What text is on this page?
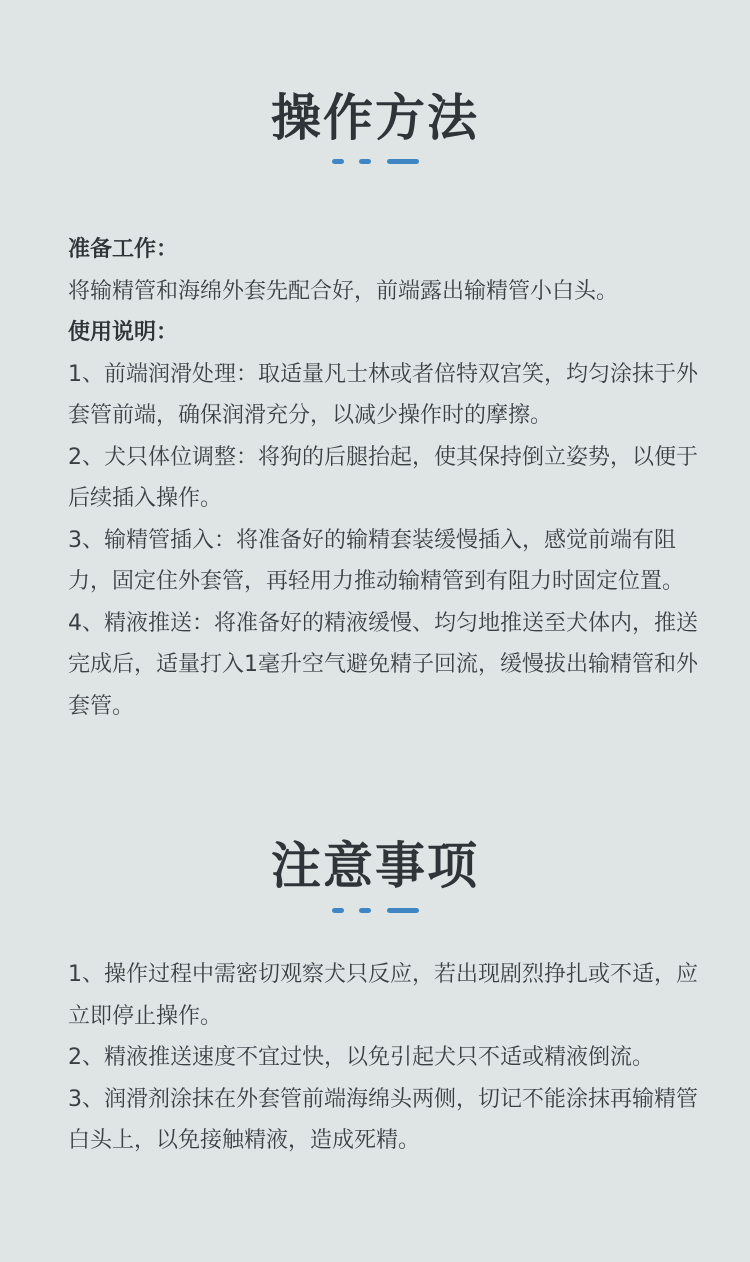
操作方法

准备工作：

将输精管和海绵外套先配合好，前端露出输精管小白头。

使用说明：

1、前端润滑处理：取适量凡士林或者倍特双宫笑，均匀涂抹于外套管前端，确保润滑充分，以减少操作时的摩擦。

2、犬只体位调整：将狗的后腿抬起，使其保持倒立姿势，以便于后续插入操作。

3、输精管插入：将准备好的输精套装缓慢插入，感觉前端有阻力，固定住外套管，再轻用力推动输精管到有阻力时固定位置。

4、精液推送：将准备好的精液缓慢、均匀地推送至犬体内，推送完成后，适量打入1毫升空气避免精子回流，缓慢拔出输精管和外套管。

注意事项

1、操作过程中需密切观察犬只反应，若出现剧烈挣扎或不适，应立即停止操作。

2、精液推送速度不宜过快，以免引起犬只不适或精液倒流。

3、润滑剂涂抹在外套管前端海绵头两侧，切记不能涂抹再输精管白头上，以免接触精液，造成死精。
